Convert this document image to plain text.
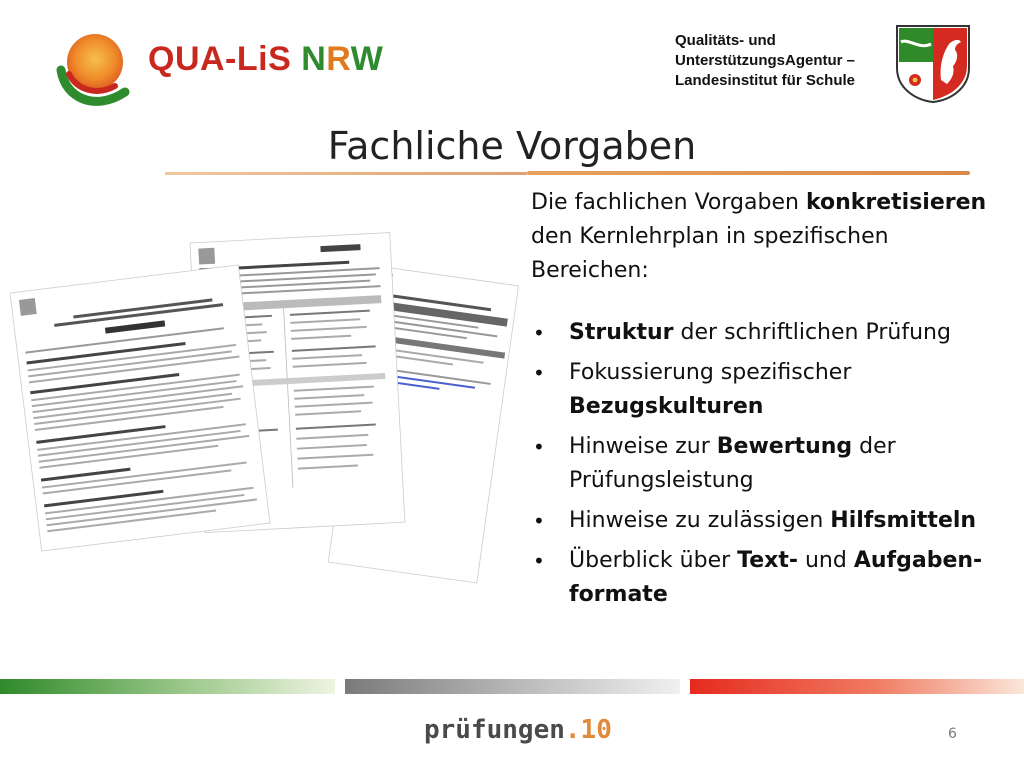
QUA-LiS NRW	Qualitäts- und
UnterstützungsAgentur –
Landesinstitut für Schule
Fachliche Vorgaben

Die fachlichen Vorgaben konkretisieren den Kernlehrplan in spezifischen Bereichen:

• Struktur der schriftlichen Prüfung
• Fokussierung spezifischer Bezugskulturen
• Hinweise zur Bewertung der Prüfungsleistung
• Hinweise zu zulässigen Hilfsmitteln
• Überblick über Text- und Aufgaben-formate
prüfungen.10	6
